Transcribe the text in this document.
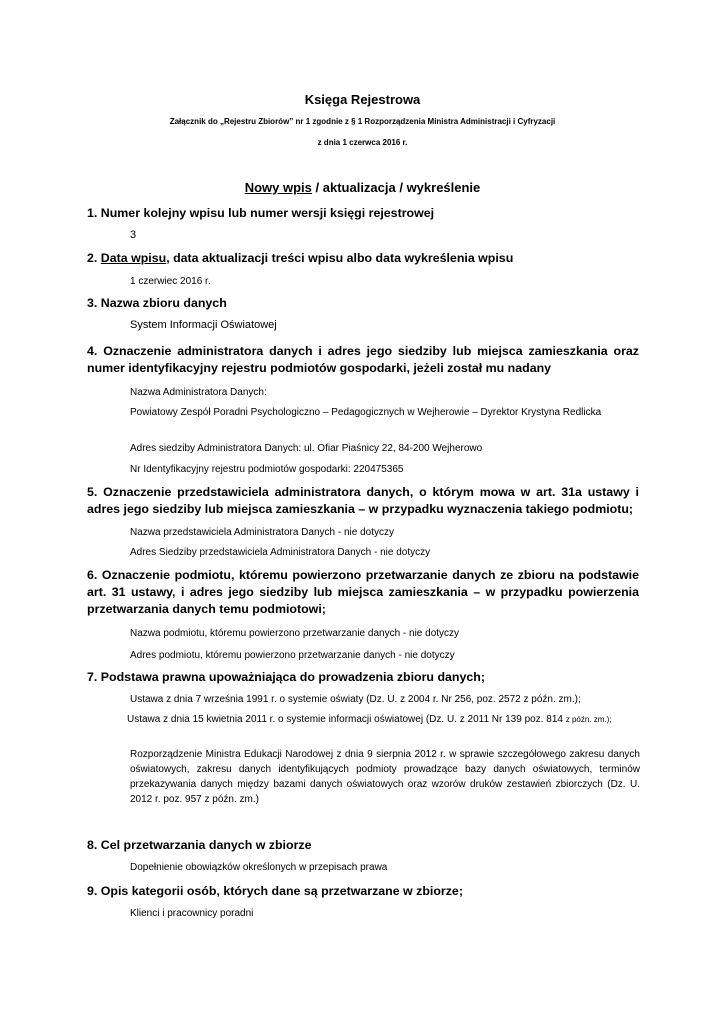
Księga Rejestrowa

Załącznik do „Rejestru Zbiorów” nr 1 zgodnie z § 1 Rozporządzenia Ministra Administracji i Cyfryzacji

z dnia 1 czerwca 2016 r.

Nowy wpis / aktualizacja / wykreślenie

1. Numer kolejny wpisu lub numer wersji księgi rejestrowej

3

2. Data wpisu, data aktualizacji treści wpisu albo data wykreślenia wpisu

1 czerwiec 2016 r.

3. Nazwa zbioru danych

System Informacji Oświatowej

4. Oznaczenie administratora danych i adres jego siedziby lub miejsca zamieszkania oraz numer identyfikacyjny rejestru podmiotów gospodarki, jeżeli został mu nadany

Nazwa Administratora Danych:

Powiatowy Zespół Poradni Psychologiczno – Pedagogicznych w Wejherowie – Dyrektor Krystyna Redlicka

Adres siedziby Administratora Danych: ul. Ofiar Piaśnicy 22, 84-200 Wejherowo

Nr Identyfikacyjny rejestru podmiotów gospodarki: 220475365

5. Oznaczenie przedstawiciela administratora danych, o którym mowa w art. 31a ustawy i adres jego siedziby lub miejsca zamieszkania – w przypadku wyznaczenia takiego podmiotu;

Nazwa przedstawiciela Administratora Danych - nie dotyczy

Adres Siedziby przedstawiciela Administratora Danych - nie dotyczy

6. Oznaczenie podmiotu, któremu powierzono przetwarzanie danych ze zbioru na podstawie art. 31 ustawy, i adres jego siedziby lub miejsca zamieszkania – w przypadku powierzenia przetwarzania danych temu podmiotowi;

Nazwa podmiotu, któremu powierzono przetwarzanie danych - nie dotyczy

Adres podmiotu, któremu powierzono przetwarzanie danych - nie dotyczy

7. Podstawa prawna upoważniająca do prowadzenia zbioru danych;

Ustawa z dnia 7 września 1991 r. o systemie oświaty (Dz. U. z 2004 r. Nr 256, poz. 2572 z późn. zm.);

Ustawa z dnia 15 kwietnia 2011 r. o systemie informacji oświatowej (Dz. U. z 2011 Nr 139 poz. 814 z późn. zm.);

Rozporządzenie Ministra Edukacji Narodowej z dnia 9 sierpnia 2012 r. w sprawie szczegółowego zakresu danych oświatowych, zakresu danych identyfikujących podmioty prowadzące bazy danych oświatowych, terminów przekazywania danych między bazami danych oświatowych oraz wzorów druków zestawień zbiorczych (Dz. U. 2012 r. poz. 957 z późn. zm.)

8. Cel przetwarzania danych w zbiorze

Dopełnienie obowiązków określonych w przepisach prawa

9. Opis kategorii osób, których dane są przetwarzane w zbiorze;

Klienci i pracownicy poradni
